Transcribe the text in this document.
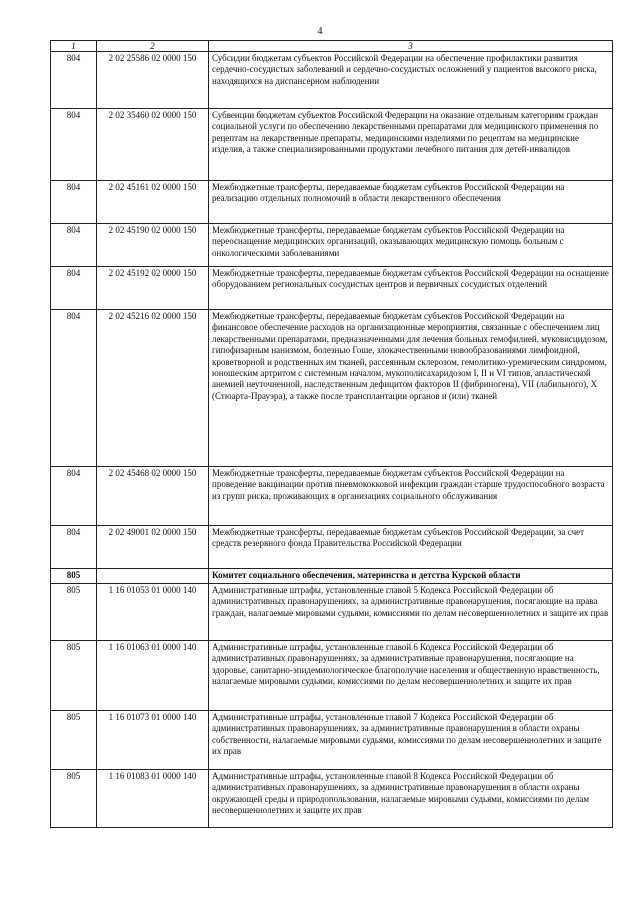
4
1	2	3
804	2 02 25586 02 0000 150	Субсидии бюджетам субъектов Российской Федерации на обеспечение профилактики развития сердечно-сосудистых заболеваний и сердечно-сосудистых осложнений у пациентов высокого риска, находящихся на диспансерном наблюдении
804	2 02 35460 02 0000 150	Субвенции бюджетам субъектов Российской Федерации на оказание отдельным категориям граждан социальной услуги по обеспечению лекарственными препаратами для медицинского применения по рецептам на лекарственные препараты, медицинскими изделиями по рецептам на медицинские изделия, а также специализированными продуктами лечебного питания для детей-инвалидов
804	2 02 45161 02 0000 150	Межбюджетные трансферты, передаваемые бюджетам субъектов Российской Федерации на реализацию отдельных полномочий в области лекарственного обеспечения
804	2 02 45190 02 0000 150	Межбюджетные трансферты, передаваемые бюджетам субъектов Российской Федерации на переоснащение медицинских организаций, оказывающих медицинскую помощь больным с онкологическими заболеваниями
804	2 02 45192 02 0000 150	Межбюджетные трансферты, передаваемые бюджетам субъектов Российской Федерации на оснащение оборудованием региональных сосудистых центров и первичных сосудистых отделений
804	2 02 45216 02 0000 150	Межбюджетные трансферты, передаваемые бюджетам субъектов Российской Федерации на финансовое обеспечение расходов на организационные мероприятия, связанные с обеспечением лиц лекарственными препаратами, предназначенными для лечения больных гемофилией, муковисцидозом, гипофизарным нанизмом, болезнью Гоше, злокачественными новообразованиями лимфоидной, кроветворной и родственных им тканей, рассеянным склерозом, гемолитико-уремическим синдромом, юношеским артритом с системным началом, мукополисахаридозом I, II и VI типов, апластической анемией неуточненной, наследственным дефицитом факторов II (фибриногена), VII (лабильного), X (Стюарта-Прауэра), а также после трансплантации органов и (или) тканей
804	2 02 45468 02 0000 150	Межбюджетные трансферты, передаваемые бюджетам субъектов Российской Федерации на проведение вакцинации против пневмококковой инфекции граждан старше трудоспособного возраста из групп риска, проживающих в организациях социального обслуживания
804	2 02 49001 02 0000 150	Межбюджетные трансферты, передаваемые бюджетам субъектов Российской Федерации, за счет средств резервного фонда Правительства Российской Федерации
805		Комитет социального обеспечения, материнства и детства Курской области
805	1 16 01053 01 0000 140	Административные штрафы, установленные главой 5 Кодекса Российской Федерации об административных правонарушениях, за административные правонарушения, посягающие на права граждан, налагаемые мировыми судьями, комиссиями по делам несовершеннолетних и защите их прав
805	1 16 01063 01 0000 140	Административные штрафы, установленные главой 6 Кодекса Российской Федерации об административных правонарушениях, за административные правонарушения, посягающие на здоровье, санитарно-эпидемиологическое благополучие населения и общественную нравственность, налагаемые мировыми судьями, комиссиями по делам несовершеннолетних и защите их прав
805	1 16 01073 01 0000 140	Административные штрафы, установленные главой 7 Кодекса Российской Федерации об административных правонарушениях, за административные правонарушения в области охраны собственности, налагаемые мировыми судьями, комиссиями по делам несовершеннолетних и защите их прав
805	1 16 01083 01 0000 140	Административные штрафы, установленные главой 8 Кодекса Российской Федерации об административных правонарушениях, за административные правонарушения в области охраны окружающей среды и природопользования, налагаемые мировыми судьями, комиссиями по делам несовершеннолетних и защите их прав
